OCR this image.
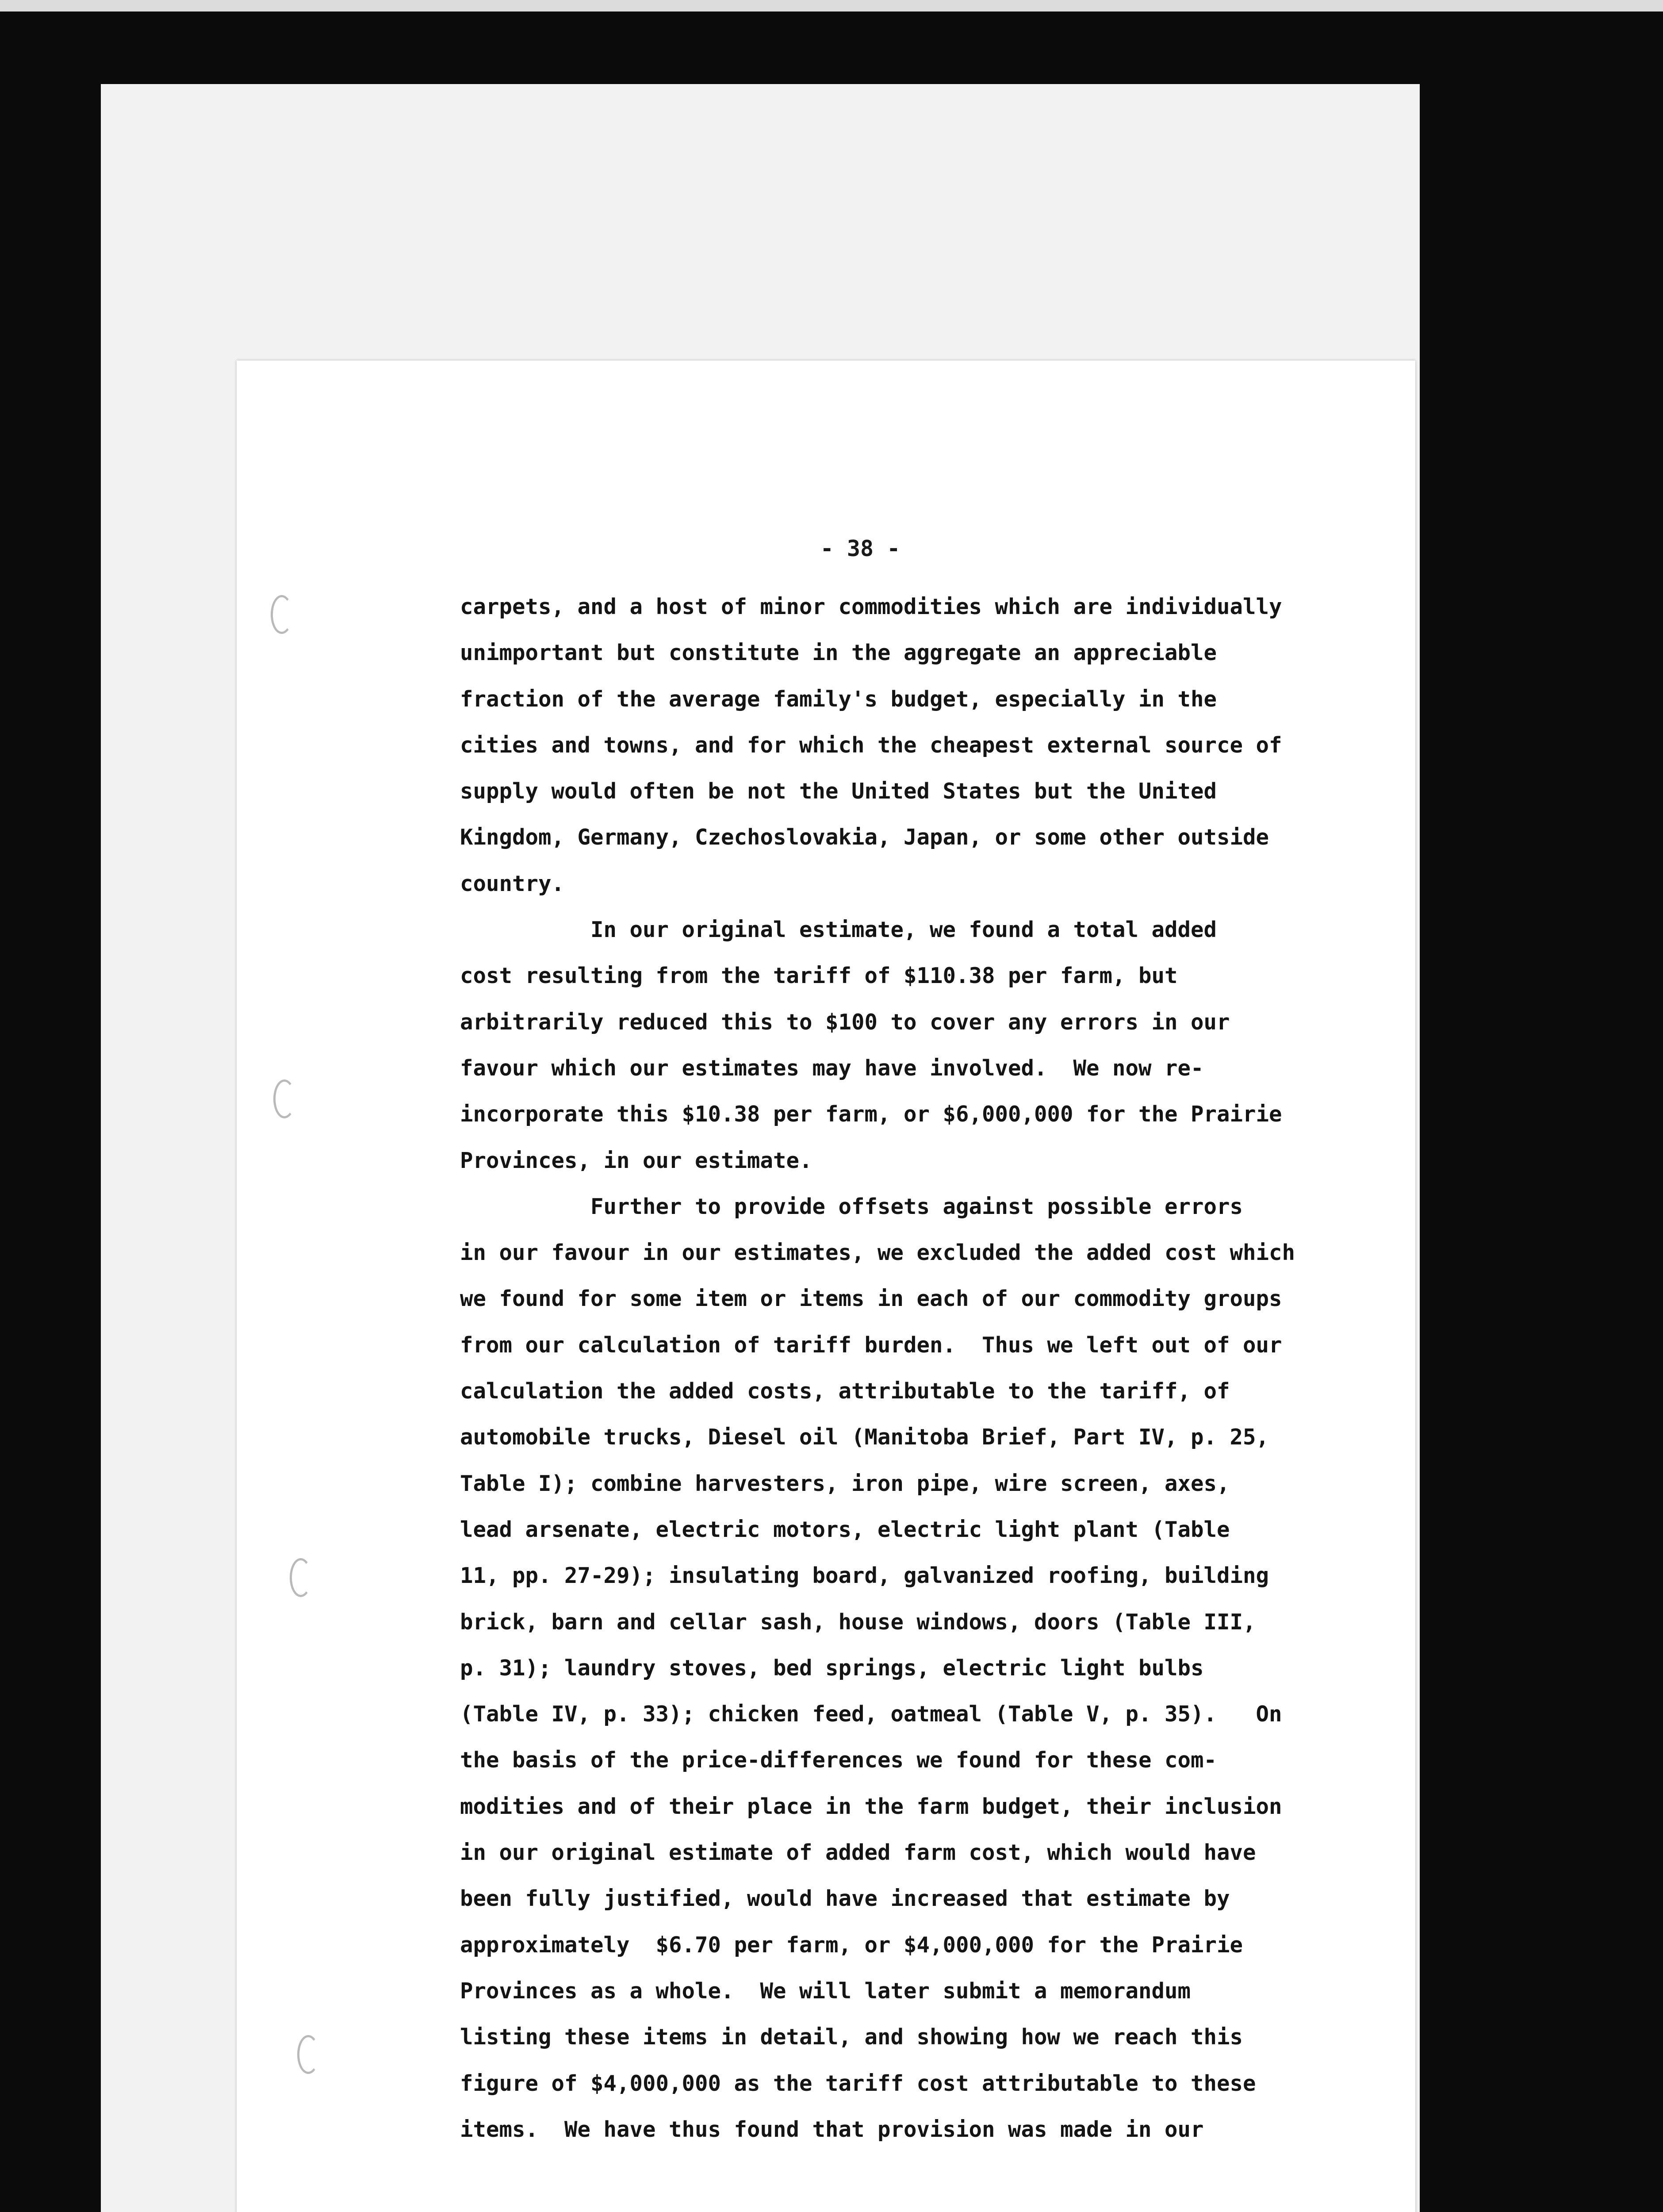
- 38 -
carpets, and a host of minor commodities which are individually
unimportant but constitute in the aggregate an appreciable
fraction of the average family's budget, especially in the
cities and towns, and for which the cheapest external source of
supply would often be not the United States but the United
Kingdom, Germany, Czechoslovakia, Japan, or some other outside
country.
In our original estimate, we found a total added
cost resulting from the tariff of $110.38 per farm, but
arbitrarily reduced this to $100 to cover any errors in our
favour which our estimates may have involved.  We now re-
incorporate this $10.38 per farm, or $6,000,000 for the Prairie
Provinces, in our estimate.
Further to provide offsets against possible errors
in our favour in our estimates, we excluded the added cost which
we found for some item or items in each of our commodity groups
from our calculation of tariff burden.  Thus we left out of our
calculation the added costs, attributable to the tariff, of
automobile trucks, Diesel oil (Manitoba Brief, Part IV, p. 25,
Table I); combine harvesters, iron pipe, wire screen, axes,
lead arsenate, electric motors, electric light plant (Table
11, pp. 27-29); insulating board, galvanized roofing, building
brick, barn and cellar sash, house windows, doors (Table III,
p. 31); laundry stoves, bed springs, electric light bulbs
(Table IV, p. 33); chicken feed, oatmeal (Table V, p. 35).   On
the basis of the price-differences we found for these com-
modities and of their place in the farm budget, their inclusion
in our original estimate of added farm cost, which would have
been fully justified, would have increased that estimate by
approximately  $6.70 per farm, or $4,000,000 for the Prairie
Provinces as a whole.  We will later submit a memorandum
listing these items in detail, and showing how we reach this
figure of $4,000,000 as the tariff cost attributable to these
items.  We have thus found that provision was made in our
